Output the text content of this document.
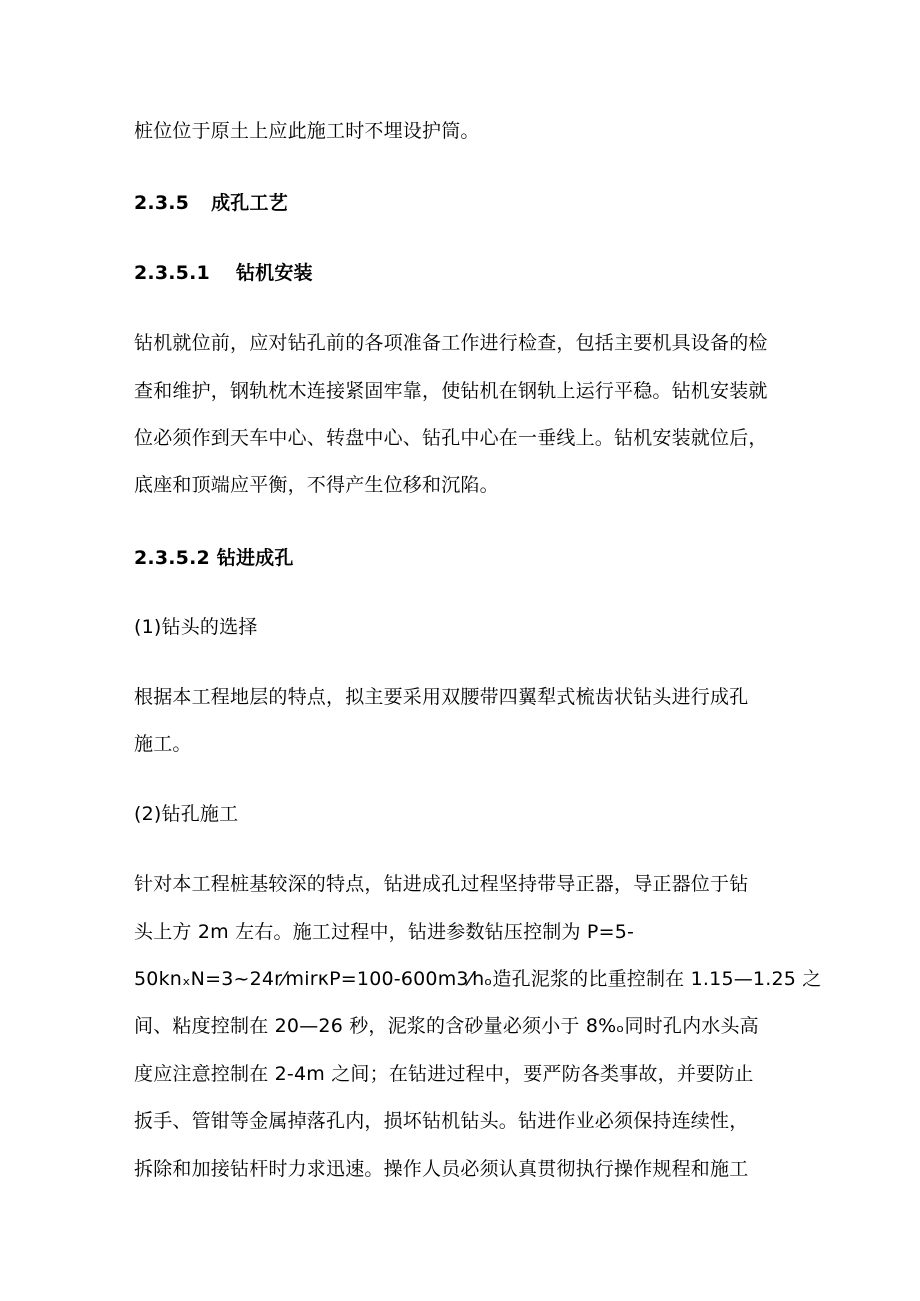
桩位位于原土上应此施工时不埋设护筒。
2.3.5 成孔工艺
2.3.5.1 钻机安装
钻机就位前，应对钻孔前的各项准备工作进行检查，包括主要机具设备的检
查和维护，钢轨枕木连接紧固牢靠，使钻机在钢轨上运行平稳。钻机安装就
位必须作到天车中心、转盘中心、钻孔中心在一垂线上。钻机安装就位后，
底座和顶端应平衡，不得产生位移和沉陷。
2.3.5.2 钻进成孔
(1)钻头的选择
根据本工程地层的特点，拟主要采用双腰带四翼犁式梳齿状钻头进行成孔
施工。
(2)钻孔施工
针对本工程桩基较深的特点，钻进成孔过程坚持带导正器，导正器位于钻
头上方 2m 左右。施工过程中，钻进参数钻压控制为 P=5-
50knₓN=3~24r⁄mirκP=100-600m3⁄hₒ造孔泥浆的比重控制在 1.15—1.25 之
间、粘度控制在 20—26 秒，泥浆的含砂量必须小于 8%ₒ同时孔内水头高
度应注意控制在 2-4m 之间；在钻进过程中，要严防各类事故，并要防止
扳手、管钳等金属掉落孔内，损坏钻机钻头。钻进作业必须保持连续性，
拆除和加接钻杆时力求迅速。操作人员必须认真贯彻执行操作规程和施工
